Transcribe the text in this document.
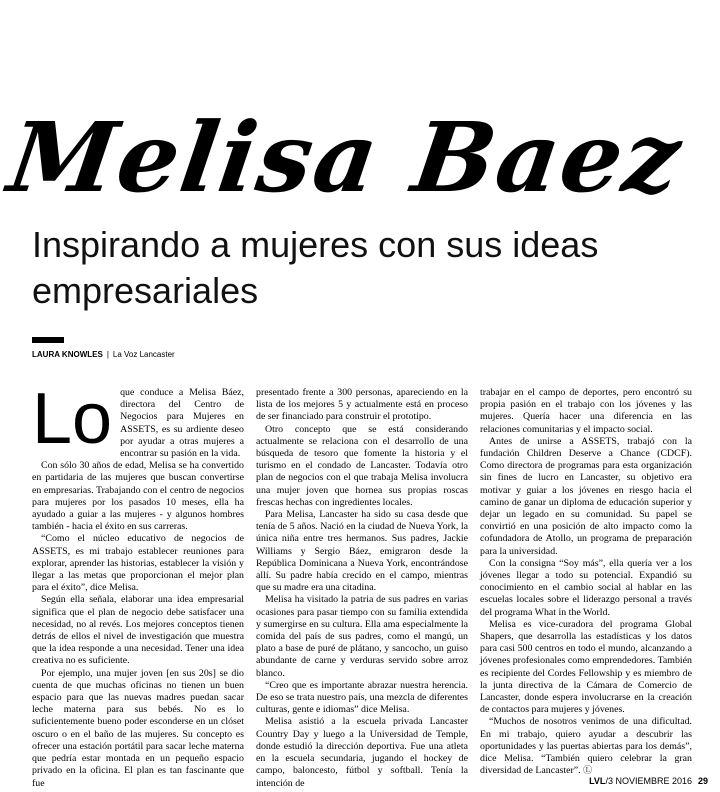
Melisa Baez
Inspirando a mujeres con sus ideas empresariales
LAURA KNOWLES | La Voz Lancaster
Lo que conduce a Melisa Báez, directora del Centro de Negocios para Mujeres en ASSETS, es su ardiente deseo por ayudar a otras mujeres a encontrar su pasión en la vida.

Con sólo 30 años de edad, Melisa se ha convertido en partidaria de las mujeres que buscan convertirse en empresarias. Trabajando con el centro de negocios para mujeres por los pasados 10 meses, ella ha ayudado a guiar a las mujeres - y algunos hombres también - hacia el éxito en sus carreras.

“Como el núcleo educativo de negocios de ASSETS, es mi trabajo establecer reuniones para explorar, aprender las historias, establecer la visión y llegar a las metas que proporcionan el mejor plan para el éxito”, dice Melisa.

Según ella señala, elaborar una idea empresarial significa que el plan de negocio debe satisfacer una necesidad, no al revés. Los mejores conceptos tienen detrás de ellos el nivel de investigación que muestra que la idea responde a una necesidad. Tener una idea creativa no es suficiente.

Por ejemplo, una mujer joven [en sus 20s] se dio cuenta de que muchas oficinas no tienen un buen espacio para que las nuevas madres puedan sacar leche materna para sus bebés. No es lo suficientemente bueno poder esconderse en un clóset oscuro o en el baño de las mujeres. Su concepto es ofrecer una estación portátil para sacar leche materna que pedría estar montada en un pequeño espacio privado en la oficina. El plan es tan fascinante que fue

presentado frente a 300 personas, apareciendo en la lista de los mejores 5 y actualmente está en proceso de ser financiado para construir el prototipo.

Otro concepto que se está considerando actualmente se relaciona con el desarrollo de una búsqueda de tesoro que fomente la historia y el turismo en el condado de Lancaster. Todavía otro plan de negocios con el que trabaja Melisa involucra una mujer joven que hornea sus propias roscas frescas hechas con ingredientes locales.

Para Melisa, Lancaster ha sido su casa desde que tenía de 5 años. Nació en la ciudad de Nueva York, la única niña entre tres hermanos. Sus padres, Jackie Williams y Sergio Báez, emigraron desde la República Dominicana a Nueva York, encontrándose allí. Su padre había crecido en el campo, mientras que su madre era una citadina.

Melisa ha visitado la patria de sus padres en varias ocasiones para pasar tiempo con su familia extendida y sumergirse en su cultura. Ella ama especialmente la comida del país de sus padres, como el mangú, un plato a base de puré de plátano, y sancocho, un guiso abundante de carne y verduras servido sobre arroz blanco.

“Creo que es importante abrazar nuestra herencia. De eso se trata nuestro país, una mezcla de diferentes culturas, gente e idiomas” dice Melisa.

Melisa asistió a la escuela privada Lancaster Country Day y luego a la Universidad de Temple, donde estudió la dirección deportiva. Fue una atleta en la escuela secundaria, jugando el hockey de campo, baloncesto, fútbol y softball. Tenía la intención de

trabajar en el campo de deportes, pero encontró su propia pasión en el trabajo con los jóvenes y las mujeres. Quería hacer una diferencia en las relaciones comunitarias y el impacto social.

Antes de unirse a ASSETS, trabajó con la fundación Children Deserve a Chance (CDCF). Como directora de programas para esta organización sin fines de lucro en Lancaster, su objetivo era motivar y guiar a los jóvenes en riesgo hacia el camino de ganar un diploma de educación superior y dejar un legado en su comunidad. Su papel se convirtió en una posición de alto impacto como la cofundadora de Atollo, un programa de preparación para la universidad.

Con la consigna “Soy más”, ella quería ver a los jóvenes llegar a todo su potencial. Expandió su conocimiento en el cambio social al hablar en las escuelas locales sobre el liderazgo personal a través del programa What in the World.

Melisa es vice-curadora del programa Global Shapers, que desarrolla las estadísticas y los datos para casi 500 centros en todo el mundo, alcanzando a jóvenes profesionales como emprendedores. También es recipiente del Cordes Fellowship y es miembro de la junta directiva de la Cámara de Comercio de Lancaster, donde espera involucrarse en la creación de contactos para mujeres y jóvenes.

“Muchos de nosotros venimos de una dificultad. En mi trabajo, quiero ayudar a descubrir las oportunidades y las puertas abiertas para los demás”, dice Melisa. “También quiero celebrar la gran diversidad de Lancaster”. Ⓛ

LVL/3 NOVIEMBRE 2016 29
